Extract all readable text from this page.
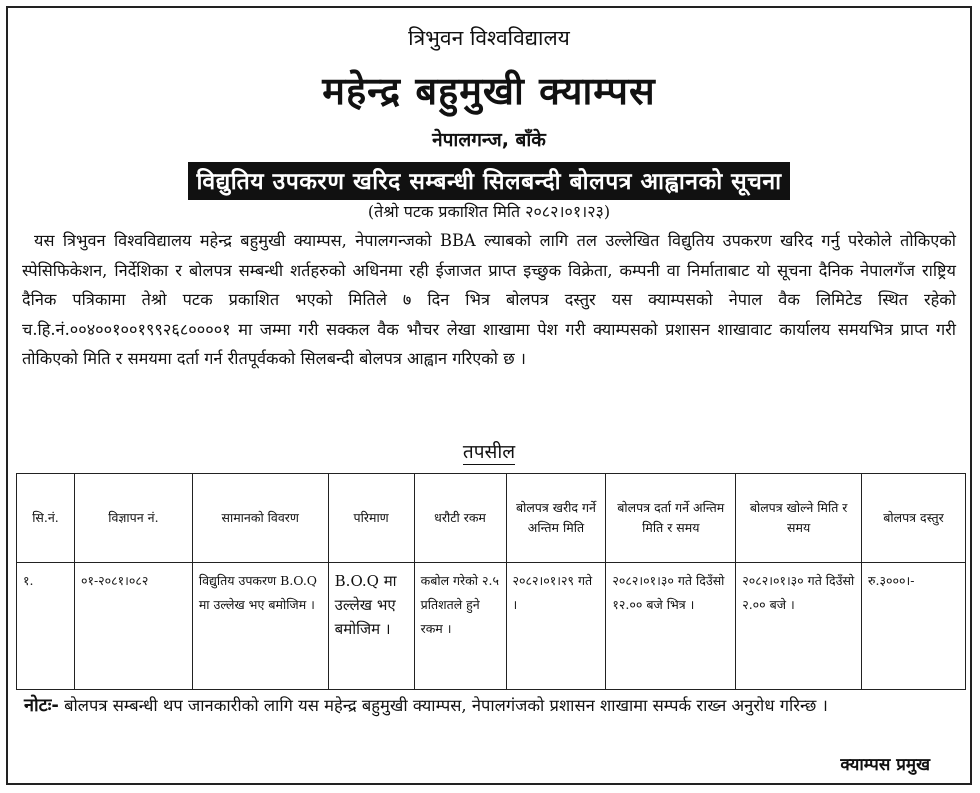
त्रिभुवन विश्वविद्यालय
महेन्द्र बहुमुखी क्याम्पस
नेपालगन्ज, बाँके
विद्युतिय उपकरण खरिद सम्बन्धी सिलबन्दी बोलपत्र आह्वानको सूचना
(तेश्रो पटक प्रकाशित मिति २०८२।०१।२३)
यस त्रिभुवन विश्वविद्यालय महेन्द्र बहुमुखी क्याम्पस, नेपालगन्जको BBA ल्याबको लागि तल उल्लेखित विद्युतिय उपकरण खरिद गर्नु परेकोले तोकिएको स्पेसिफिकेशन, निर्देशिका र बोलपत्र सम्बन्धी शर्तहरुको अधिनमा रही ईजाजत प्राप्त इच्छुक विक्रेता, कम्पनी वा निर्माताबाट यो सूचना दैनिक नेपालगँज राष्ट्रिय दैनिक पत्रिकामा तेश्रो पटक प्रकाशित भएको मितिले ७ दिन भित्र बोलपत्र दस्तुर यस क्याम्पसको नेपाल वैक लिमिटेड स्थित रहेको च.हि.नं.००४००१००१९९२६८००००१ मा जम्मा गरी सक्कल वैक भौचर लेखा शाखामा पेश गरी क्याम्पसको प्रशासन शाखावाट कार्यालय समयभित्र प्राप्त गरी तोकिएको मिति र समयमा दर्ता गर्न रीतपूर्वकको सिलबन्दी बोलपत्र आह्वान गरिएको छ ।
तपसील
सि.नं.	विज्ञापन नं.	सामानको विवरण	परिमाण	धरौटी रकम	बोलपत्र खरीद गर्ने अन्तिम मिति	बोलपत्र दर्ता गर्ने अन्तिम मिति र समय	बोलपत्र खोल्ने मिति र समय	बोलपत्र दस्तुर
१.	०१-२०८१।०८२	विद्युतिय उपकरण B.O.Q मा उल्लेख भए बमोजिम ।	B.O.Q मा उल्लेख भए बमोजिम ।	कबोल गरेको २.५ प्रतिशतले हुने रकम ।	२०८२।०१।२९ गते ।	२०८२।०१।३० गते दिउँसो १२.०० बजे भित्र ।	२०८२।०१।३० गते दिउँसो २.०० बजे ।	रु.३०००।-
नोटः- बोलपत्र सम्बन्धी थप जानकारीको लागि यस महेन्द्र बहुमुखी क्याम्पस, नेपालगंजको प्रशासन शाखामा सम्पर्क राख्न अनुरोध गरिन्छ ।
क्याम्पस प्रमुख
